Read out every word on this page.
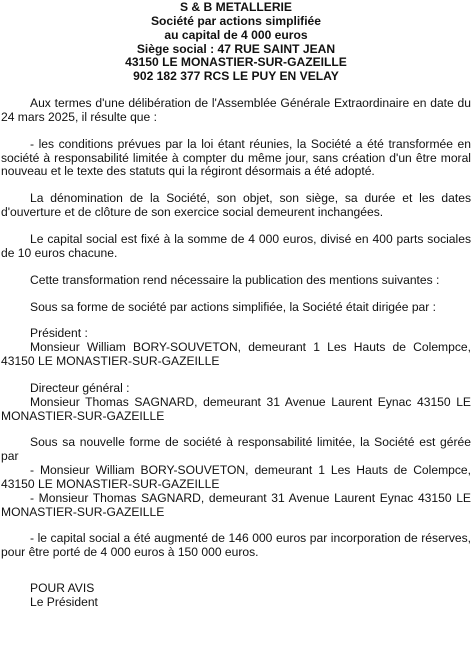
S & B METALLERIE
Société par actions simplifiée
au capital de 4 000 euros
Siège social : 47 RUE SAINT JEAN
43150 LE MONASTIER-SUR-GAZEILLE
902 182 377 RCS LE PUY EN VELAY

Aux termes d'une délibération de l'Assemblée Générale Extraordinaire en date du 24 mars 2025, il résulte que :

- les conditions prévues par la loi étant réunies, la Société a été transformée en société à responsabilité limitée à compter du même jour, sans création d'un être moral nouveau et le texte des statuts qui la régiront désormais a été adopté.

La dénomination de la Société, son objet, son siège, sa durée et les dates d'ouverture et de clôture de son exercice social demeurent inchangées.

Le capital social est fixé à la somme de 4 000 euros, divisé en 400 parts sociales de 10 euros chacune.

Cette transformation rend nécessaire la publication des mentions suivantes :

Sous sa forme de société par actions simplifiée, la Société était dirigée par :

Président :

Monsieur William BORY-SOUVETON, demeurant 1 Les Hauts de Colempce, 43150 LE MONASTIER-SUR-GAZEILLE

Directeur général :

Monsieur Thomas SAGNARD, demeurant 31 Avenue Laurent Eynac 43150 LE MONASTIER-SUR-GAZEILLE

Sous sa nouvelle forme de société à responsabilité limitée, la Société est gérée par

- Monsieur William BORY-SOUVETON, demeurant 1 Les Hauts de Colempce, 43150 LE MONASTIER-SUR-GAZEILLE

- Monsieur Thomas SAGNARD, demeurant 31 Avenue Laurent Eynac 43150 LE MONASTIER-SUR-GAZEILLE

- le capital social a été augmenté de 146 000 euros par incorporation de réserves, pour être porté de 4 000 euros à 150 000 euros.

POUR AVIS
Le Président
